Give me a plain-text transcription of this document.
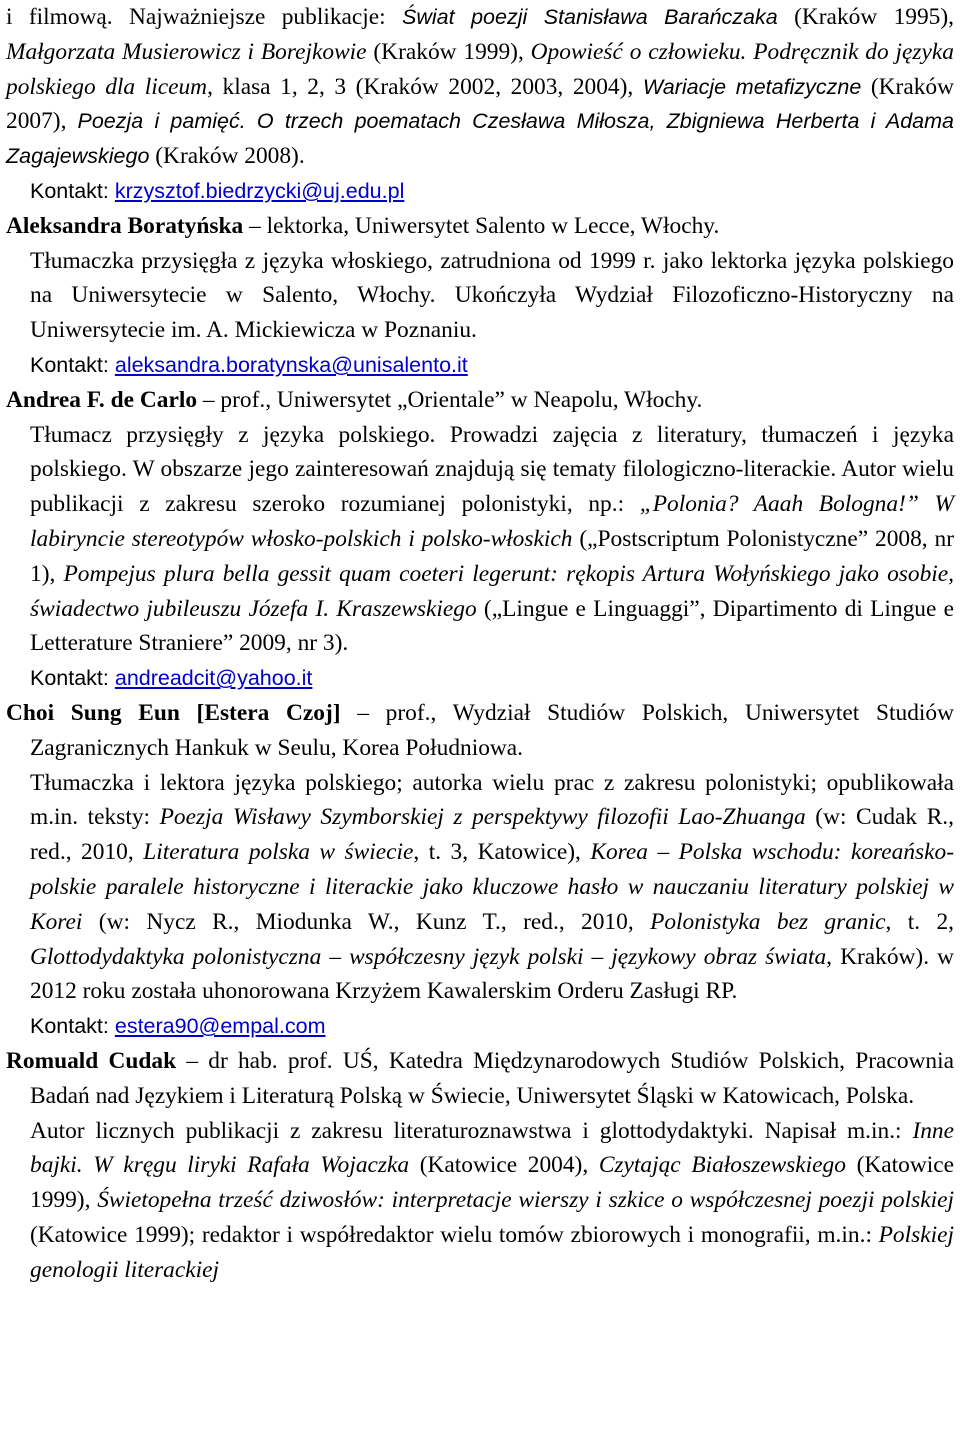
i filmową. Najważniejsze publikacje: Świat poezji Stanisława Barańczaka (Kraków 1995), Małgorzata Musierowicz i Borejkowie (Kraków 1999), Opowieść o człowieku. Podręcznik do języka polskiego dla liceum, klasa 1, 2, 3 (Kraków 2002, 2003, 2004), Wariacje metafizyczne (Kraków 2007), Poezja i pamięć. O trzech poematach Czesława Miłosza, Zbigniewa Herberta i Adama Zagajewskiego (Kraków 2008).

Kontakt: krzysztof.biedrzycki@uj.edu.pl

Aleksandra Boratyńska – lektorka, Uniwersytet Salento w Lecce, Włochy.

Tłumaczka przysięgła z języka włoskiego, zatrudniona od 1999 r. jako lektorka języka polskiego na Uniwersytecie w Salento, Włochy. Ukończyła Wydział Filozoficzno-Historyczny na Uniwersytecie im. A. Mickiewicza w Poznaniu.

Kontakt: aleksandra.boratynska@unisalento.it

Andrea F. de Carlo – prof., Uniwersytet „Orientale” w Neapolu, Włochy.

Tłumacz przysięgły z języka polskiego. Prowadzi zajęcia z literatury, tłumaczeń i języka polskiego. W obszarze jego zainteresowań znajdują się tematy filologiczno-literackie. Autor wielu publikacji z zakresu szeroko rozumianej polonistyki, np.: „Polonia? Aaah Bologna!” W labiryncie stereotypów włosko-polskich i polsko-włoskich („Postscriptum Polonistyczne” 2008, nr 1), Pompejus plura bella gessit quam coeteri legerunt: rękopis Artura Wołyńskiego jako osobie, świadectwo jubileuszu Józefa I. Kraszewskiego („Lingue e Linguaggi”, Dipartimento di Lingue e Letterature Straniere” 2009, nr 3).

Kontakt: andreadcit@yahoo.it

Choi Sung Eun [Estera Czoj] – prof., Wydział Studiów Polskich, Uniwersytet Studiów Zagranicznych Hankuk w Seulu, Korea Południowa.

Tłumaczka i lektora języka polskiego; autorka wielu prac z zakresu polonistyki; opublikowała m.in. teksty: Poezja Wisławy Szymborskiej z perspektywy filozofii Lao-Zhuanga (w: Cudak R., red., 2010, Literatura polska w świecie, t. 3, Katowice), Korea – Polska wschodu: koreańsko-polskie paralele historyczne i literackie jako kluczowe hasło w nauczaniu literatury polskiej w Korei (w: Nycz R., Miodunka W., Kunz T., red., 2010, Polonistyka bez granic, t. 2, Glottodydaktyka polonistyczna – współczesny język polski – językowy obraz świata, Kraków). w 2012 roku została uhonorowana Krzyżem Kawalerskim Orderu Zasługi RP.

Kontakt: estera90@empal.com

Romuald Cudak – dr hab. prof. UŚ, Katedra Międzynarodowych Studiów Polskich, Pracownia Badań nad Językiem i Literaturą Polską w Świecie, Uniwersytet Śląski w Katowicach, Polska.

Autor licznych publikacji z zakresu literaturoznawstwa i glottodydaktyki. Napisał m.in.: Inne bajki. W kręgu liryki Rafała Wojaczka (Katowice 2004), Czytając Białoszewskiego (Katowice 1999), Świetopełna trześć dziwosłów: interpretacje wierszy i szkice o współczesnej poezji polskiej (Katowice 1999); redaktor i współredaktor wielu tomów zbiorowych i monografii, m.in.: Polskiej genologii literackiej
